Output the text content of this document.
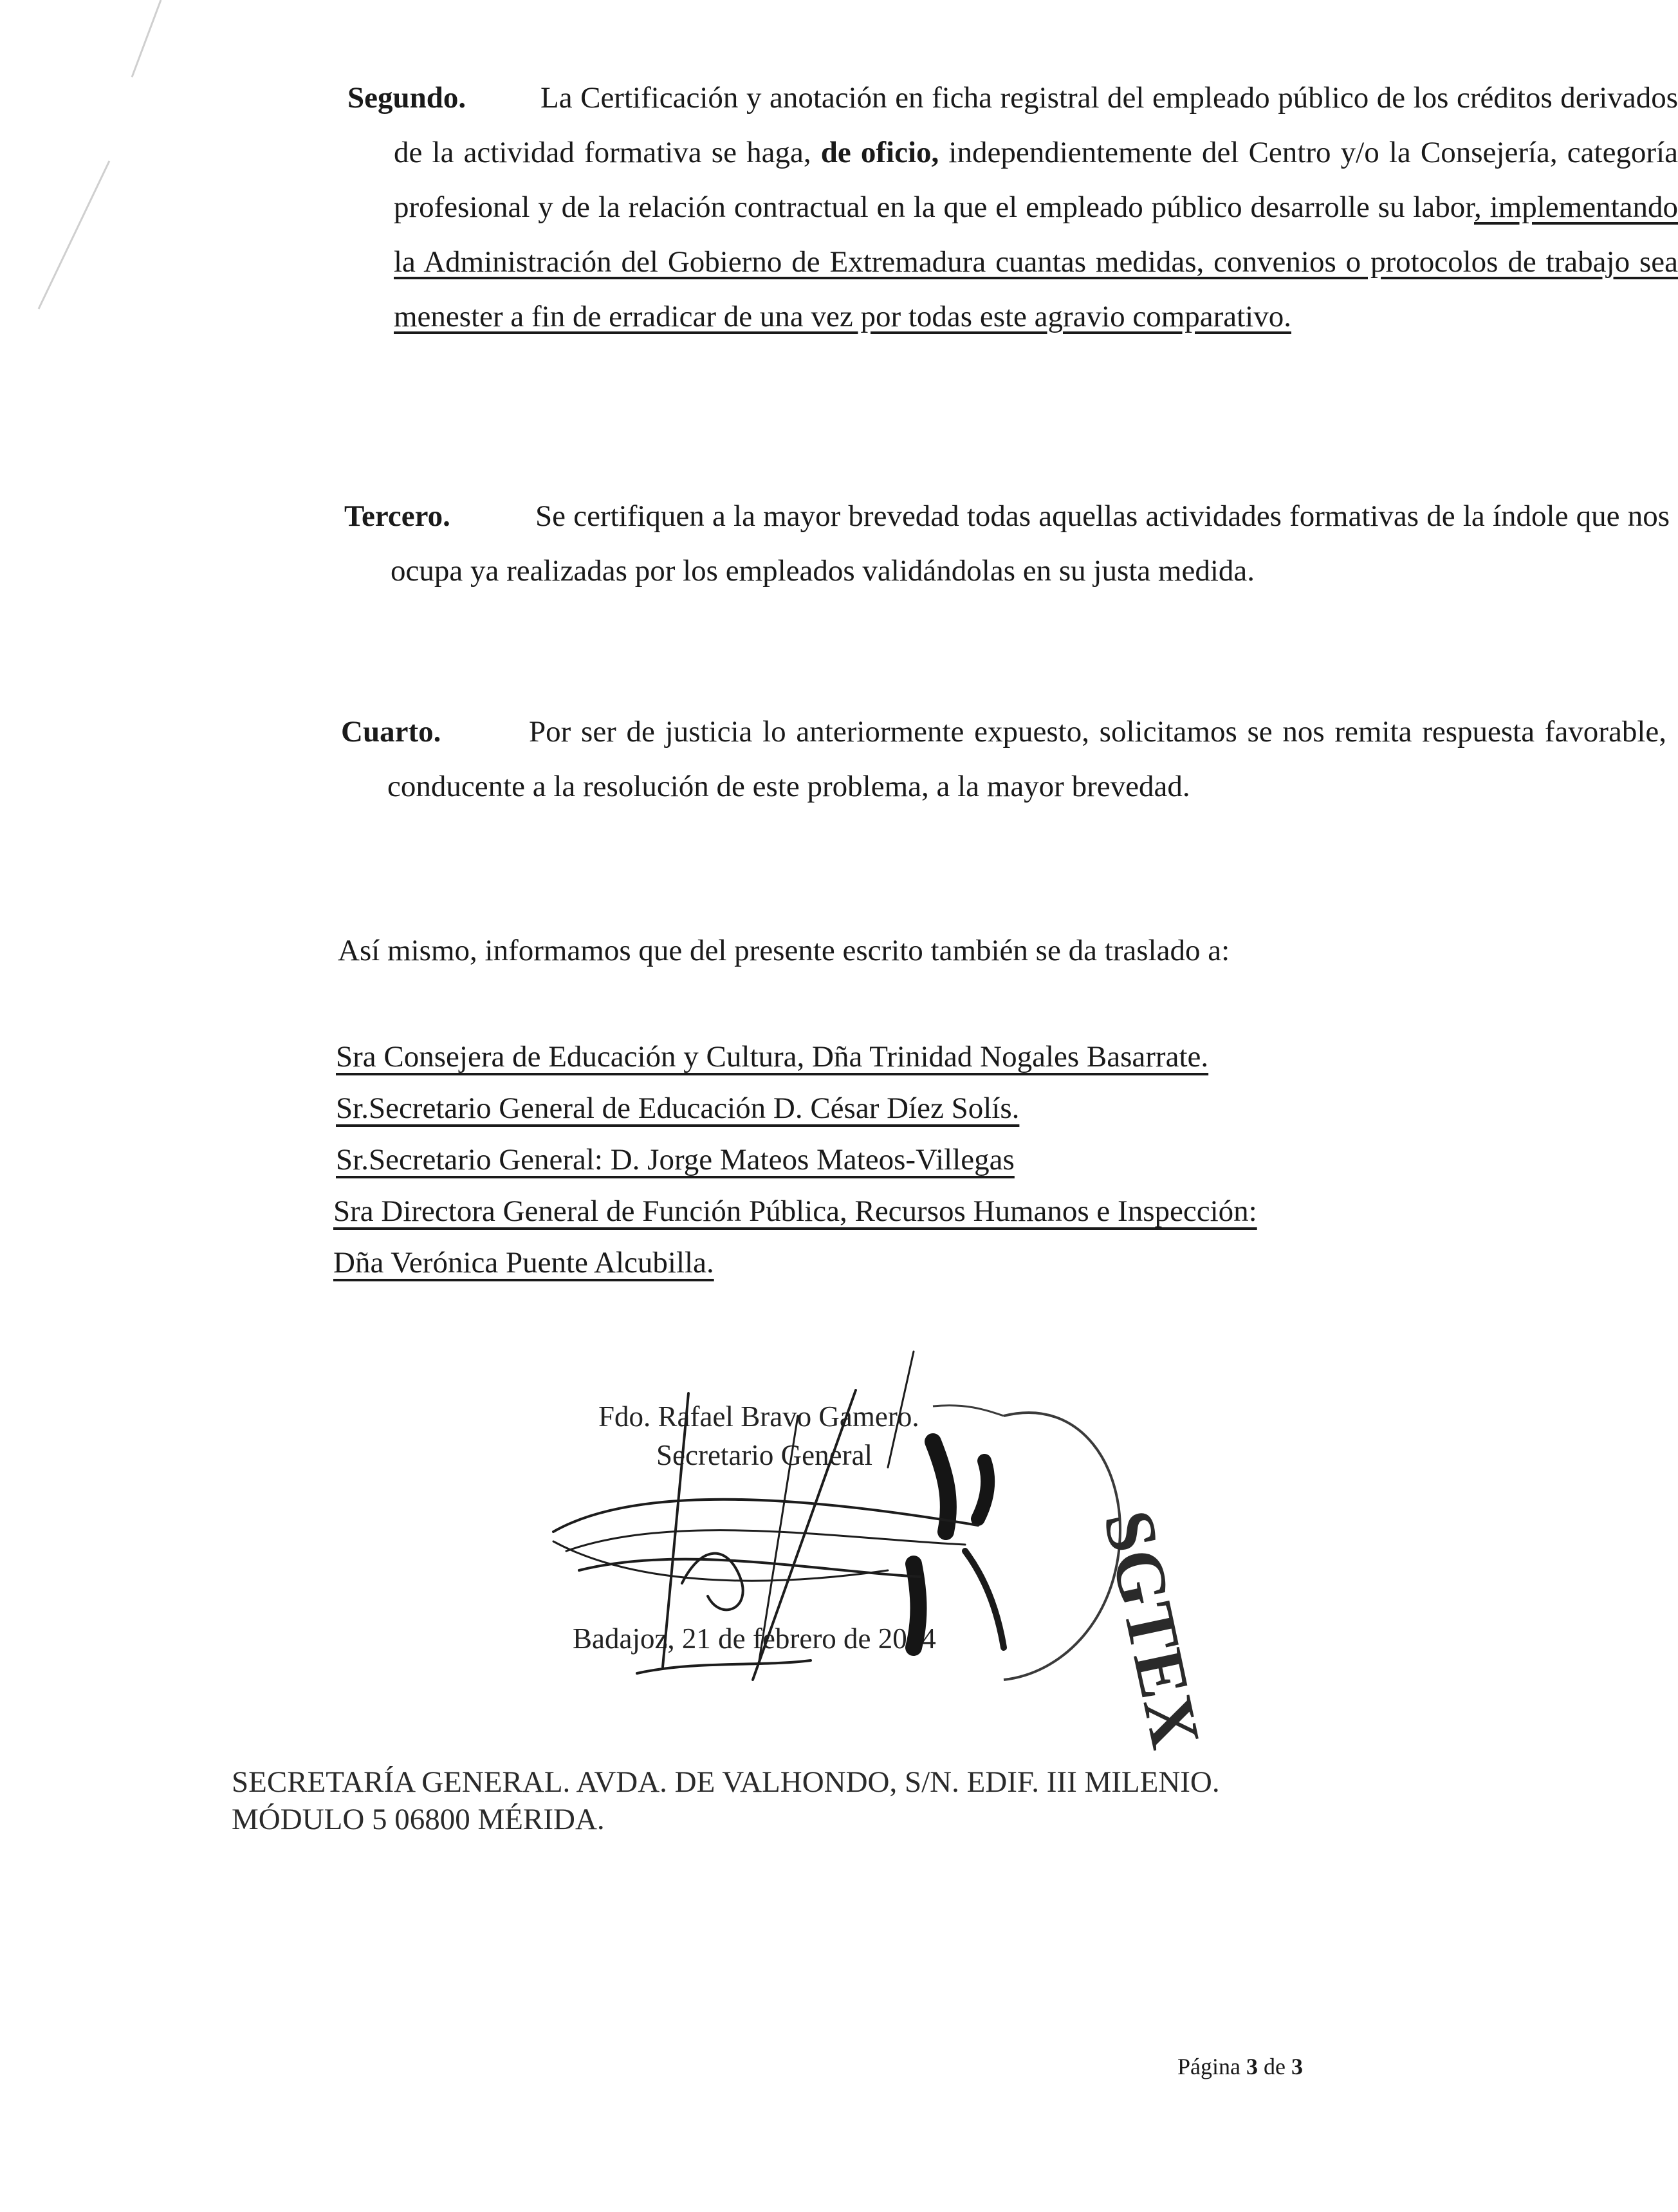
Segundo.	La Certificación y anotación en ficha registral del empleado público de los créditos derivados de la actividad formativa se haga, de oficio, independientemente del Centro y/o la Consejería, categoría profesional y de la relación contractual en la que el empleado público desarrolle su labor, implementando la Administración del Gobierno de Extremadura cuantas medidas, convenios o protocolos de trabajo sea menester a fin de erradicar de una vez por todas este agravio comparativo.
Tercero.	Se certifiquen a la mayor brevedad todas aquellas actividades formativas de la índole que nos ocupa ya realizadas por los empleados validándolas en su justa medida.
Cuarto.	Por ser de justicia lo anteriormente expuesto, solicitamos se nos remita respuesta favorable, conducente a la resolución de este problema, a la mayor brevedad.
Así mismo, informamos que del presente escrito también se da traslado a:
Sra Consejera de Educación y Cultura, Dña Trinidad Nogales Basarrate.
Sr.Secretario General de Educación D. César Díez Solís.
Sr.Secretario General: D. Jorge Mateos Mateos-Villegas
Sra Directora General de Función Pública, Recursos Humanos e Inspección:
Dña Verónica Puente Alcubilla.
Fdo. Rafael Bravo Gamero.
Secretario General
Badajoz, 21 de febrero de 2014 SGTEX
SECRETARÍA GENERAL. AVDA. DE VALHONDO, S/N. EDIF. III MILENIO.
MÓDULO 5 06800 MÉRIDA.
Página 3 de 3
